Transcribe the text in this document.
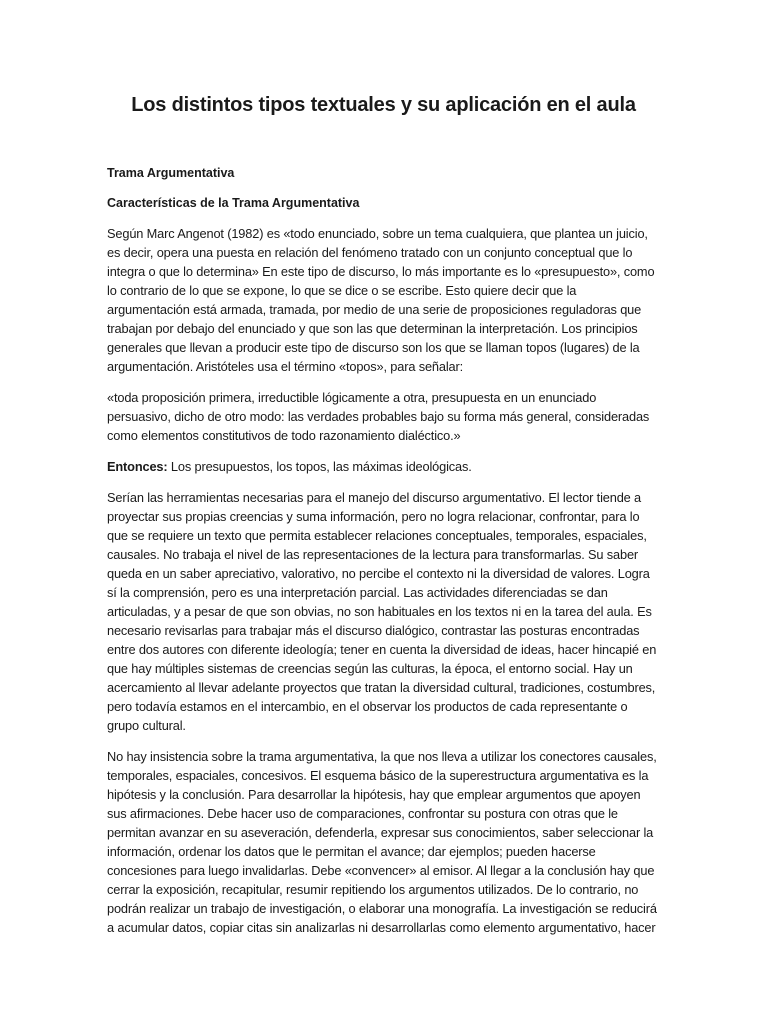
Los distintos tipos textuales y su aplicación en el aula
Trama Argumentativa
Características de la Trama Argumentativa

Según Marc Angenot (1982) es «todo enunciado, sobre un tema cualquiera, que plantea un juicio, es decir, opera una puesta en relación del fenómeno tratado con un conjunto conceptual que lo integra o que lo determina» En este tipo de discurso, lo más importante es lo «presupuesto», como lo contrario de lo que se expone, lo que se dice o se escribe. Esto quiere decir que la argumentación está armada, tramada, por medio de una serie de proposiciones reguladoras que trabajan por debajo del enunciado y que son las que determinan la interpretación. Los principios generales que llevan a producir este tipo de discurso son los que se llaman topos (lugares) de la argumentación. Aristóteles usa el término «topos», para señalar:

«toda proposición primera, irreductible lógicamente a otra, presupuesta en un enunciado persuasivo, dicho de otro modo: las verdades probables bajo su forma más general, consideradas como elementos constitutivos de todo razonamiento dialéctico.»

Entonces: Los presupuestos, los topos, las máximas ideológicas.

Serían las herramientas necesarias para el manejo del discurso argumentativo. El lector tiende a proyectar sus propias creencias y suma información, pero no logra relacionar, confrontar, para lo que se requiere un texto que permita establecer relaciones conceptuales, temporales, espaciales, causales. No trabaja el nivel de las representaciones de la lectura para transformarlas. Su saber queda en un saber apreciativo, valorativo, no percibe el contexto ni la diversidad de valores. Logra sí la comprensión, pero es una interpretación parcial. Las actividades diferenciadas se dan articuladas, y a pesar de que son obvias, no son habituales en los textos ni en la tarea del aula. Es necesario revisarlas para trabajar más el discurso dialógico, contrastar las posturas encontradas entre dos autores con diferente ideología; tener en cuenta la diversidad de ideas, hacer hincapié en que hay múltiples sistemas de creencias según las culturas, la época, el entorno social. Hay un acercamiento al llevar adelante proyectos que tratan la diversidad cultural, tradiciones, costumbres, pero todavía estamos en el intercambio, en el observar los productos de cada representante o grupo cultural.

No hay insistencia sobre la trama argumentativa, la que nos lleva a utilizar los conectores causales, temporales, espaciales, concesivos. El esquema básico de la superestructura argumentativa es la hipótesis y la conclusión. Para desarrollar la hipótesis, hay que emplear argumentos que apoyen sus afirmaciones. Debe hacer uso de comparaciones, confrontar su postura con otras que le permitan avanzar en su aseveración, defenderla, expresar sus conocimientos, saber seleccionar la información, ordenar los datos que le permitan el avance; dar ejemplos; pueden hacerse concesiones para luego invalidarlas. Debe «convencer» al emisor. Al llegar a la conclusión hay que cerrar la exposición, recapitular, resumir repitiendo los argumentos utilizados. De lo contrario, no podrán realizar un trabajo de investigación, o elaborar una monografía. La investigación se reducirá a acumular datos, copiar citas sin analizarlas ni desarrollarlas como elemento argumentativo, hacer
